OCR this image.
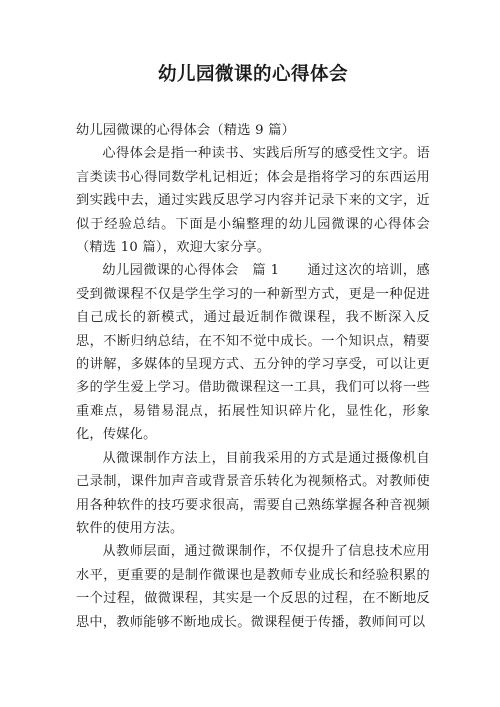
幼儿园微课的心得体会

幼儿园微课的心得体会（精选 9 篇）

心得体会是指一种读书、实践后所写的感受性文字。语言类读书心得同数学札记相近；体会是指将学习的东西运用到实践中去，通过实践反思学习内容并记录下来的文字，近似于经验总结。下面是小编整理的幼儿园微课的心得体会（精选 10 篇），欢迎大家分享。

幼儿园微课的心得体会　篇 1 通过这次的培训，感受到微课程不仅是学生学习的一种新型方式，更是一种促进自己成长的新模式，通过最近制作微课程，我不断深入反思，不断归纳总结，在不知不觉中成长。一个知识点，精要的讲解，多媒体的呈现方式、五分钟的学习享受，可以让更多的学生爱上学习。借助微课程这一工具，我们可以将一些重难点，易错易混点，拓展性知识碎片化，显性化，形象化，传媒化。

从微课制作方法上，目前我采用的方式是通过摄像机自己录制，课件加声音或背景音乐转化为视频格式。对教师使用各种软件的技巧要求很高，需要自己熟练掌握各种音视频软件的使用方法。

从教师层面，通过微课制作，不仅提升了信息技术应用水平，更重要的是制作微课也是教师专业成长和经验积累的一个过程，做微课程，其实是一个反思的过程，在不断地反思中，教师能够不断地成长。微课程便于传播，教师间可以
